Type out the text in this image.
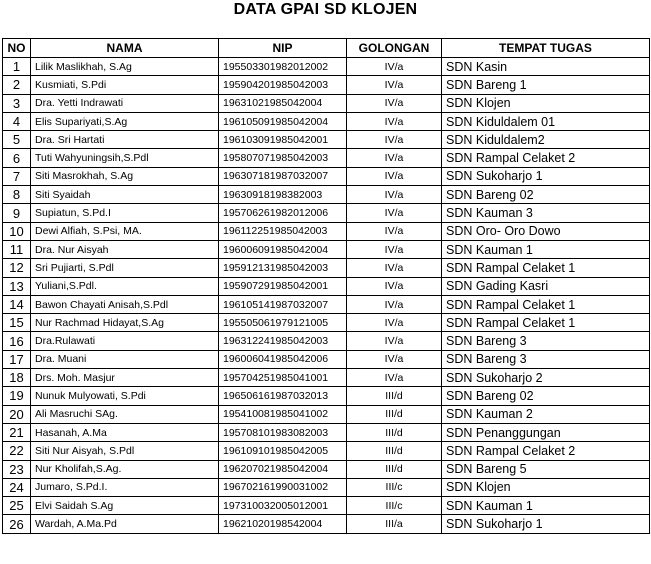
DATA GPAI SD KLOJEN
NO	NAMA	NIP	GOLONGAN	TEMPAT TUGAS
1	Lilik Maslikhah, S.Ag	195503301982012002	IV/a	SDN Kasin
2	Kusmiati, S.Pdi	195904201985042003	IV/a	SDN Bareng 1
3	Dra. Yetti Indrawati	19631021985042004	IV/a	SDN Klojen
4	Elis Supariyati,S.Ag	196105091985042004	IV/a	SDN Kiduldalem 01
5	Dra. Sri Hartati	196103091985042001	IV/a	SDN Kiduldalem2
6	Tuti Wahyuningsih,S.Pdl	195807071985042003	IV/a	SDN Rampal Celaket 2
7	Siti Masrokhah, S.Ag	196307181987032007	IV/a	SDN Sukoharjo 1
8	Siti Syaidah	19630918198382003	IV/a	SDN Bareng 02
9	Supiatun, S.Pd.I	195706261982012006	IV/a	SDN Kauman 3
10	Dewi Alfiah, S.Psi, MA.	196112251985042003	IV/a	SDN Oro- Oro Dowo
11	Dra. Nur Aisyah	196006091985042004	IV/a	SDN Kauman 1
12	Sri Pujiarti, S.Pdl	195912131985042003	IV/a	SDN Rampal Celaket 1
13	Yuliani,S.Pdl.	195907291985042001	IV/a	SDN Gading Kasri
14	Bawon Chayati Anisah,S.Pdl	196105141987032007	IV/a	SDN Rampal Celaket 1
15	Nur Rachmad Hidayat,S.Ag	195505061979121005	IV/a	SDN Rampal Celaket 1
16	Dra.Rulawati	196312241985042003	IV/a	SDN Bareng 3
17	Dra. Muani	196006041985042006	IV/a	SDN Bareng 3
18	Drs. Moh. Masjur	195704251985041001	IV/a	SDN Sukoharjo 2
19	Nunuk Mulyowati, S.Pdi	196506161987032013	III/d	SDN Bareng 02
20	Ali Masruchi SAg.	195410081985041002	III/d	SDN Kauman 2
21	Hasanah, A.Ma	195708101983082003	III/d	SDN Penanggungan
22	Siti Nur Aisyah, S.Pdl	196109101985042005	III/d	SDN Rampal Celaket 2
23	Nur Kholifah,S.Ag.	196207021985042004	III/d	SDN Bareng 5
24	Jumaro, S.Pd.I.	196702161990031002	III/c	SDN Klojen
25	Elvi Saidah S.Ag	197310032005012001	III/c	SDN Kauman 1
26	Wardah, A.Ma.Pd	19621020198542004	III/a	SDN Sukoharjo 1
